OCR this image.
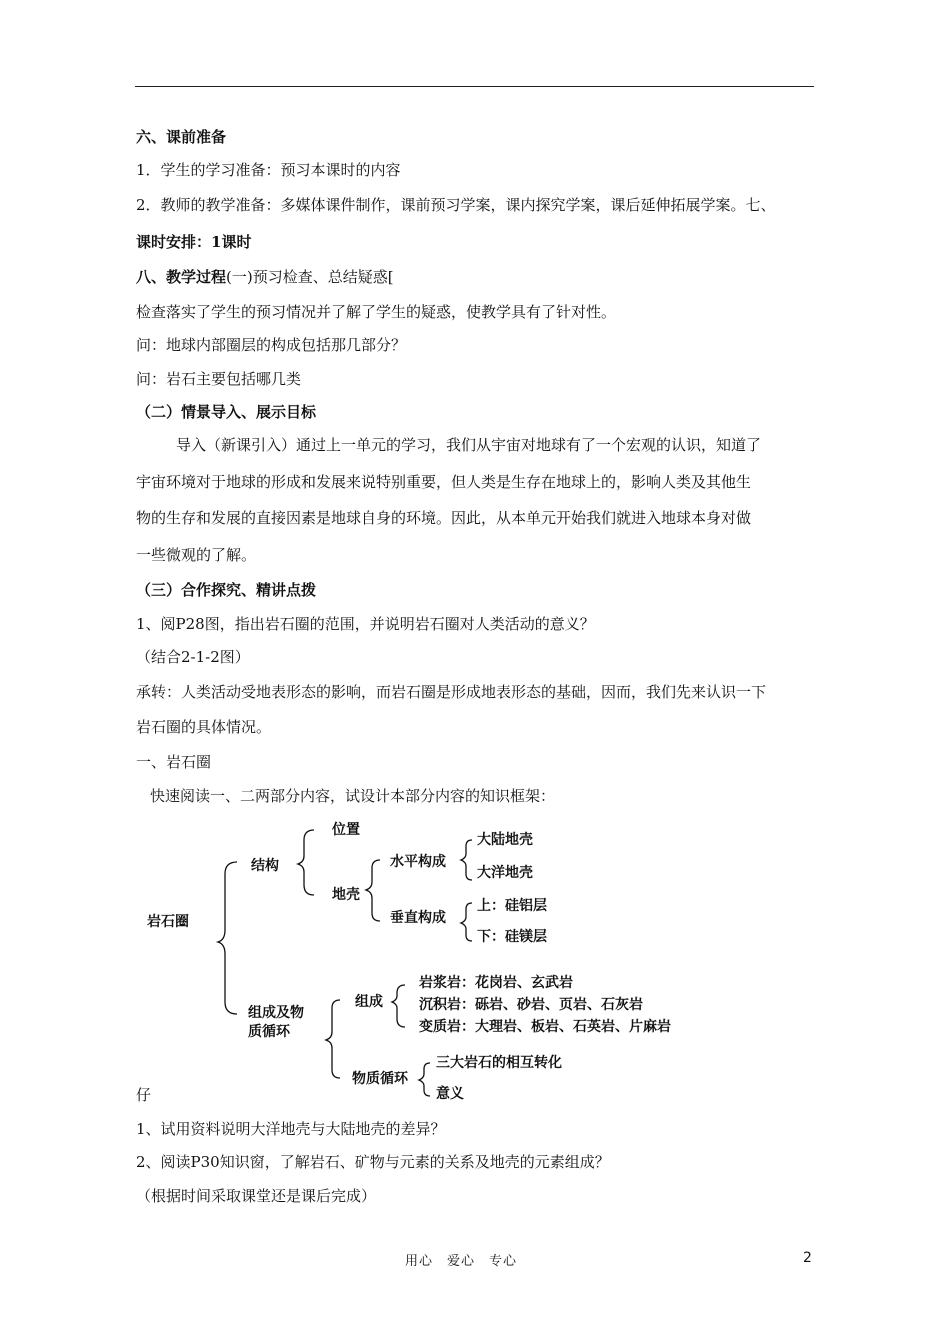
六、课前准备
1．学生的学习准备：预习本课时的内容
2．教师的教学准备：多媒体课件制作，课前预习学案，课内探究学案，课后延伸拓展学案。七、
课时安排：1课时
八、教学过程(一)预习检查、总结疑惑[
检查落实了学生的预习情况并了解了学生的疑惑，使教学具有了针对性。
问：地球内部圈层的构成包括那几部分？
问：岩石主要包括哪几类
（二）情景导入、展示目标
导入（新课引入）通过上一单元的学习，我们从宇宙对地球有了一个宏观的认识，知道了
宇宙环境对于地球的形成和发展来说特别重要，但人类是生存在地球上的，影响人类及其他生
物的生存和发展的直接因素是地球自身的环境。因此，从本单元开始我们就进入地球本身对做
一些微观的了解。
（三）合作探究、精讲点拨
1、阅P28图，指出岩石圈的范围，并说明岩石圈对人类活动的意义？
（结合2-1-2图）
承转：人类活动受地表形态的影响，而岩石圈是形成地表形态的基础，因而，我们先来认识一下
岩石圈的具体情况。
一、岩石圈
快速阅读一、二两部分内容，试设计本部分内容的知识框架：
岩石圈
结构
位置
地壳
水平构成
大陆地壳
大洋地壳
垂直构成
上：硅铝层
下：硅镁层
组成及物
质循环
组成
岩浆岩：花岗岩、玄武岩
沉积岩：砾岩、砂岩、页岩、石灰岩
变质岩：大理岩、板岩、石英岩、片麻岩
物质循环
三大岩石的相互转化
意义
仔
1、试用资料说明大洋地壳与大陆地壳的差异？
2、阅读P30知识窗，了解岩石、矿物与元素的关系及地壳的元素组成？
（根据时间采取课堂还是课后完成）
用心　爱心　专心	2
